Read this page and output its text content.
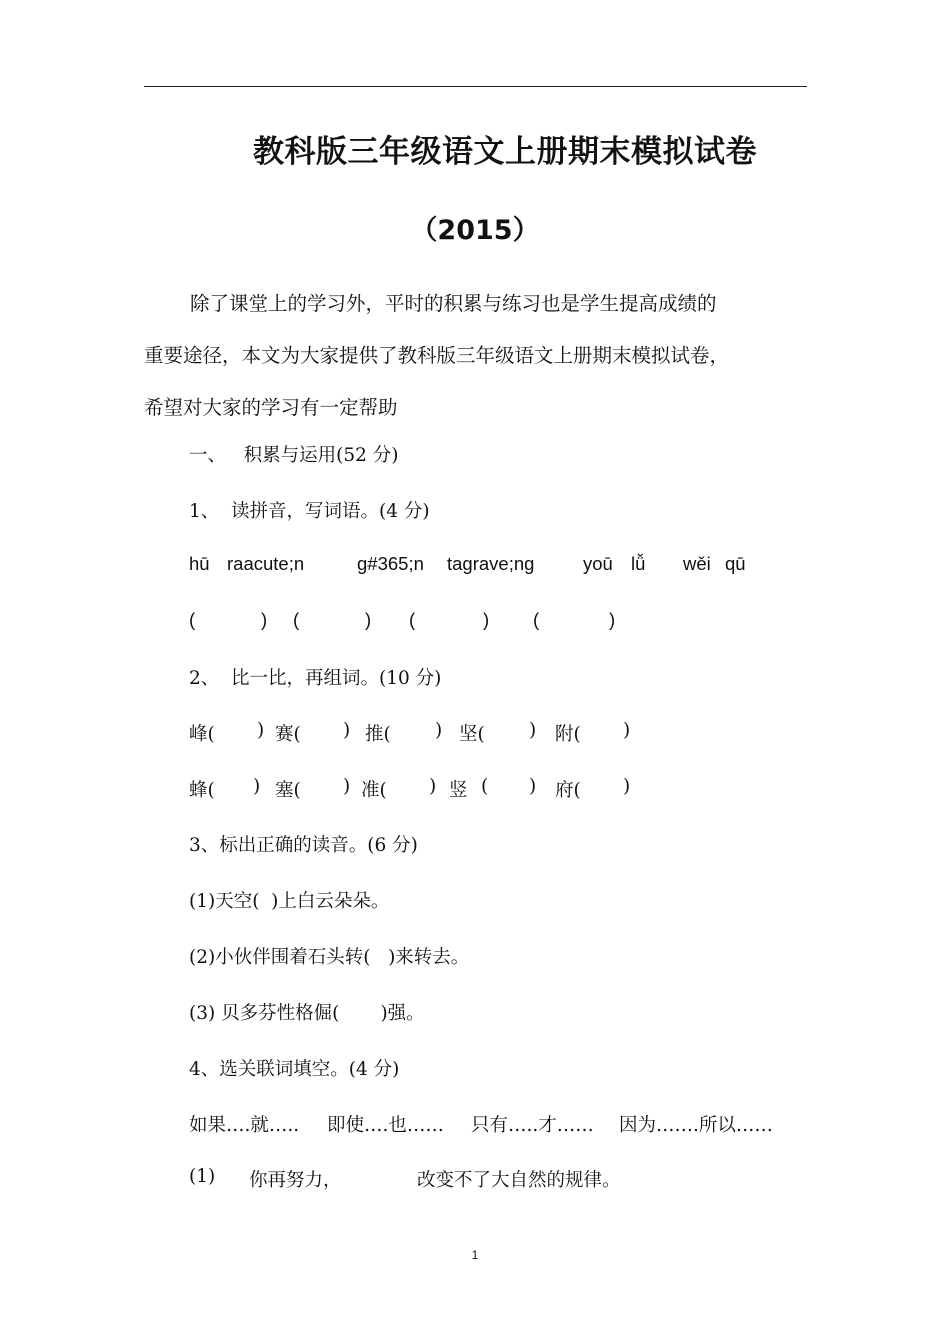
教科版三年级语文上册期末模拟试卷
（2015）
除了课堂上的学习外，平时的积累与练习也是学生提高成绩的
重要途径，本文为大家提供了教科版三年级语文上册期末模拟试卷，
希望对大家的学习有一定帮助
一、   积累与运用(52 分)
1、  读拼音，写词语。(4 分)
hū raacute;n	g#365;n tagrave;ng	yoū lǚ wěi qū
(	) (	) (	) (	)
2、  比一比，再组词。(10 分)
峰( ) 赛( ) 推( ) 坚( ) 附( )
蜂( ) 塞( ) 准( ) 竖 ( ) 府( )
3、标出正确的读音。(6 分)
(1)天空(  )上白云朵朵。
(2)小伙伴围着石头转(   )来转去。
(3) 贝多芬性格倔(       )强。
4、选关联词填空。(4 分)
如果….就….. 即使….也…… 只有…..才…… 因为…….所以……
(1) 你再努力，	改变不了大自然的规律。
1
